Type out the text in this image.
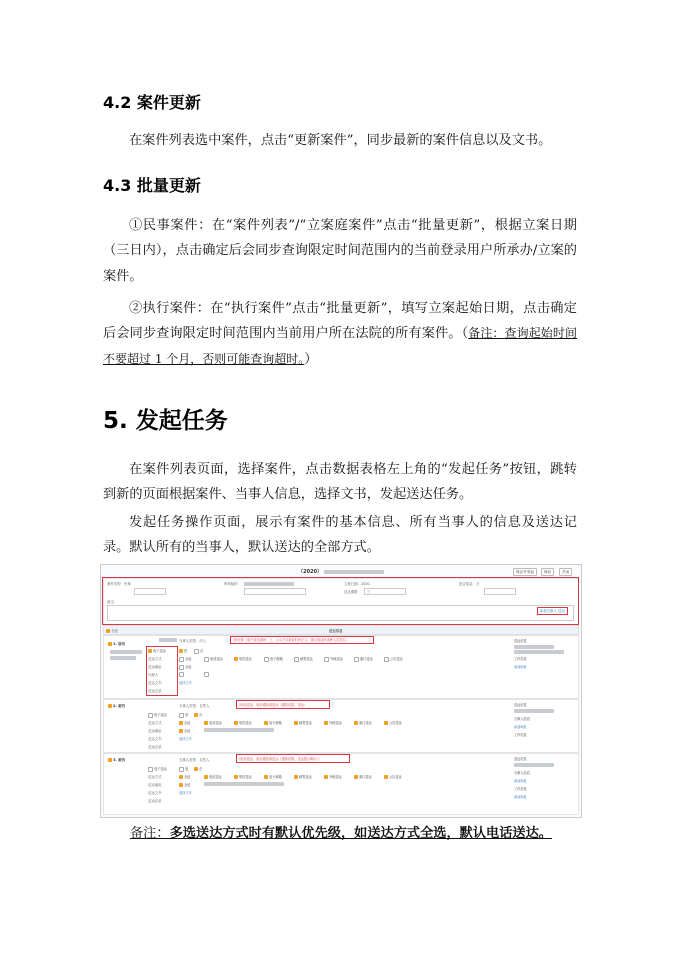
4.2 案件更新

在案件列表选中案件，点击“更新案件”，同步最新的案件信息以及文书。

4.3 批量更新

①民事案件：在“案件列表”/“立案庭案件”点击“批量更新”，根据立案日期（三日内），点击确定后会同步查询限定时间范围内的当前登录用户所承办/立案的案件。

②执行案件：在“执行案件”点击“批量更新”，填写立案起始日期，点击确定后会同步查询限定时间范围内当前用户所在法院的所有案件。（备注：查询起始时间不要超过 1 个月，否则可能查询超时。）

5. 发起任务

在案件列表页面，选择案件，点击数据表格左上角的“发起任务”按钮，跳转到新的页面根据案件、当事人信息，选择文书，发起送达任务。

发起任务操作页面，展示有案件的基本信息、所有当事人的信息及送达记录。默认所有的当事人，默认送达的全部方式。

（2020）	保存并发起	保存	关闭
案件类型：民事	审判组织：	立案日期：2020-	是否加急：否
送达期限：	三
备注：
添加当事人 送达
全选	送达信息
1. 原告
当事人类型：法人	（现在需（电子送达请补）上，公示方式请及时补正文，提示送达时请使人员签名）
电子送达	是	否
送达方式	全选	电话送达	短信送达	电子邮箱	邮寄送达	外地送达	窗口送达	公告送达
送达地址	全选
代理人
送达文书	选择文书
送达记录
送达信息
工作信息
添加地址
2. 被告	当事人类型：自然人	（电话送达，电话通知请送达（通知结果，送达）
电子送达	是	否
送达方式	全选	电话送达	短信送达	电子邮箱	邮寄送达	外地送达	窗口送达	公告送达
送达地址	全选
送达文书	选择文书
送达记录
送达信息
当事人信息
添加地址
工作信息
3. 被告	当事人类型：自然人	（电话送达，电话通知请送达（通知结果，送达提示确认））
电子送达	是	否
送达方式	全选	电话送达	短信送达	电子邮箱	邮寄送达	外地送达	窗口送达	公告送达
送达地址	全选
送达文书	选择文书
送达记录
送达信息
当事人信息
添加地址
工作信息
添加地址
备注：多选送达方式时有默认优先级，如送达方式全选，默认电话送达。
